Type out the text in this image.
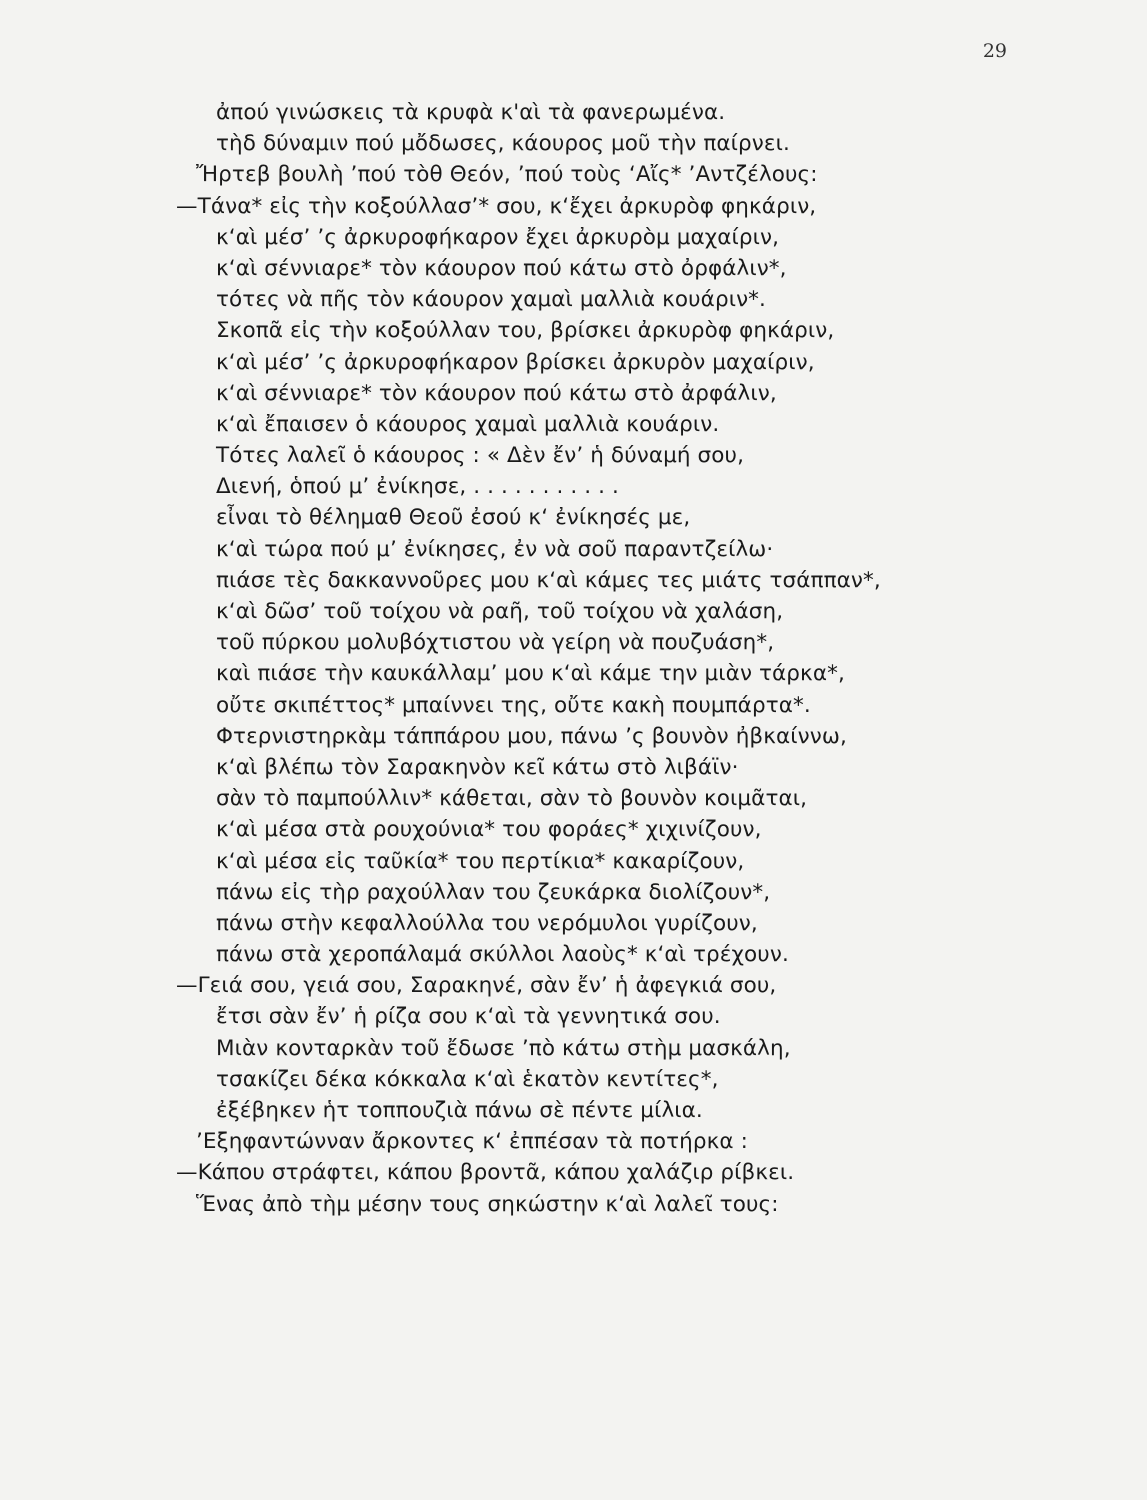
29
ἀπού γινώσκεις τὰ κρυφὰ κ'αὶ τὰ φανερωμένα.
τὴδ δύναμιν πού μὄδωσες, κάουρος μοῦ τὴν παίρνει.
Ἤρτεβ βουλὴ ’πού τὸθ Θεόν, ’πού τοὺς ‘Αἴς* ’Αντζέλους:
—Τάνα* εἰς τὴν κοξούλλασ’* σου, κ‘ἔχει ἀρκυρὸφ φηκάριν,
κ‘αὶ μέσ’ ’ς ἀρκυροφήκαρον ἔχει ἀρκυρὸμ μαχαίριν,
κ‘αὶ σέννιαρε* τὸν κάουρον πού κάτω στὸ ὀρφάλιν*,
τότες νὰ πῆς τὸν κάουρον χαμαὶ μαλλιὰ κουάριν*.
Σκοπᾶ εἰς τὴν κοξούλλαν του, βρίσκει ἀρκυρὸφ φηκάριν,
κ‘αὶ μέσ’ ’ς ἀρκυροφήκαρον βρίσκει ἀρκυρὸν μαχαίριν,
κ‘αὶ σέννιαρε* τὸν κάουρον πού κάτω στὸ ἀρφάλιν,
κ‘αὶ ἔπαισεν ὁ κάουρος χαμαὶ μαλλιὰ κουάριν.
Τότες λαλεῖ ὁ κάουρος : « Δὲν ἔν’ ἡ δύναμή σου,
Διενή, ὁπού μ’ ἐνίκησε, . . . . . . . . . . .
εἶναι τὸ θέλημαθ Θεοῦ ἐσού κ‘ ἐνίκησές με,
κ‘αὶ τώρα πού μ’ ἐνίκησες, ἐν νὰ σοῦ παραντζείλω·
πιάσε τὲς δακκαννοῦρες μου κ‘αὶ κάμες τες μιάτς τσάππαν*,
κ‘αὶ δῶσ’ τοῦ τοίχου νὰ ραῆ, τοῦ τοίχου νὰ χαλάση,
τοῦ πύρκου μολυβόχτιστου νὰ γείρη νὰ πουζυάση*,
καὶ πιάσε τὴν καυκάλλαμ’ μου κ‘αὶ κάμε την μιὰν τάρκα*,
οὔτε σκιπέττος* μπαίννει της, οὔτε κακὴ πουμπάρτα*.
Φτερνιστηρκὰμ τάππάρου μου, πάνω ’ς βουνὸν ἠβκαίννω,
κ‘αὶ βλέπω τὸν Σαρακηνὸν κεῖ κάτω στὸ λιβάϊν·
σὰν τὸ παμπούλλιν* κάθεται, σὰν τὸ βουνὸν κοιμᾶται,
κ‘αὶ μέσα στὰ ρουχούνια* του φοράες* χιχινίζουν,
κ‘αὶ μέσα εἰς ταῦκία* του περτίκια* κακαρίζουν,
πάνω εἰς τὴρ ραχούλλαν του ζευκάρκα διολίζουν*,
πάνω στὴν κεφαλλούλλα του νερόμυλοι γυρίζουν,
πάνω στὰ χεροπάλαμά σκύλλοι λαοὺς* κ‘αὶ τρέχουν.
—Γειά σου, γειά σου, Σαρακηνέ, σὰν ἔν’ ἡ ἀφεγκιά σου,
ἔτσι σὰν ἔν’ ἡ ρίζα σου κ‘αὶ τὰ γεννητικά σου.
Μιὰν κονταρκὰν τοῦ ἔδωσε ’πὸ κάτω στὴμ μασκάλη,
τσακίζει δέκα κόκκαλα κ‘αὶ ἑκατὸν κεντίτες*,
ἐξέβηκεν ἡτ τοππουζιὰ πάνω σὲ πέντε μίλια.
’Εξηφαντώνναν ἄρκοντες κ‘ ἐππέσαν τὰ ποτήρκα :
—Κάπου στράφτει, κάπου βροντᾶ, κάπου χαλάζιρ ρίβκει.
Ἕνας ἀπὸ τὴμ μέσην τους σηκώστην κ‘αὶ λαλεῖ τους:
